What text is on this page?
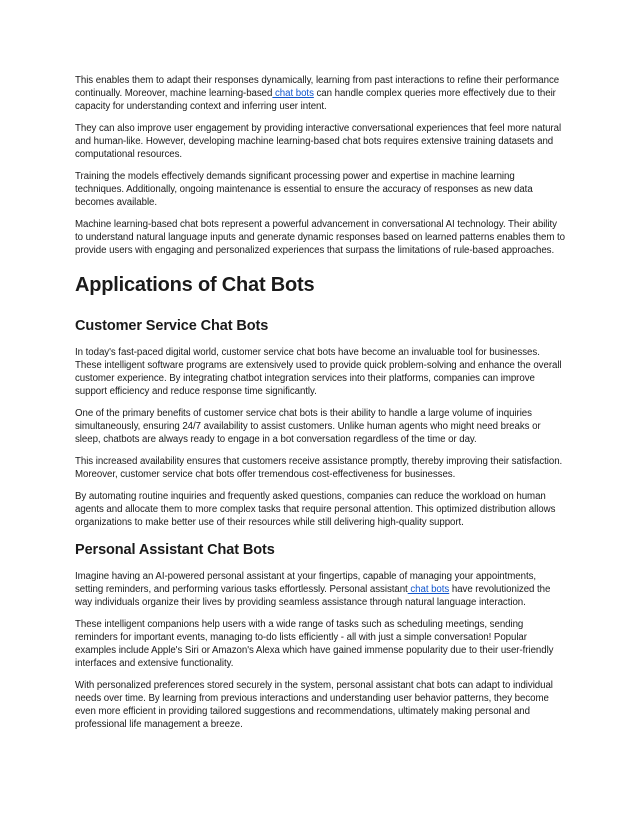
This enables them to adapt their responses dynamically, learning from past interactions to refine their performance continually. Moreover, machine learning-based chat bots can handle complex queries more effectively due to their capacity for understanding context and inferring user intent.

They can also improve user engagement by providing interactive conversational experiences that feel more natural and human-like. However, developing machine learning-based chat bots requires extensive training datasets and computational resources.

Training the models effectively demands significant processing power and expertise in machine learning techniques. Additionally, ongoing maintenance is essential to ensure the accuracy of responses as new data becomes available.

Machine learning-based chat bots represent a powerful advancement in conversational AI technology. Their ability to understand natural language inputs and generate dynamic responses based on learned patterns enables them to provide users with engaging and personalized experiences that surpass the limitations of rule-based approaches.

Applications of Chat Bots
Customer Service Chat Bots

In today's fast-paced digital world, customer service chat bots have become an invaluable tool for businesses. These intelligent software programs are extensively used to provide quick problem-solving and enhance the overall customer experience. By integrating chatbot integration services into their platforms, companies can improve support efficiency and reduce response time significantly.

One of the primary benefits of customer service chat bots is their ability to handle a large volume of inquiries simultaneously, ensuring 24/7 availability to assist customers. Unlike human agents who might need breaks or sleep, chatbots are always ready to engage in a bot conversation regardless of the time or day.

This increased availability ensures that customers receive assistance promptly, thereby improving their satisfaction. Moreover, customer service chat bots offer tremendous cost-effectiveness for businesses.

By automating routine inquiries and frequently asked questions, companies can reduce the workload on human agents and allocate them to more complex tasks that require personal attention. This optimized distribution allows organizations to make better use of their resources while still delivering high-quality support.

Personal Assistant Chat Bots

Imagine having an AI-powered personal assistant at your fingertips, capable of managing your appointments, setting reminders, and performing various tasks effortlessly. Personal assistant chat bots have revolutionized the way individuals organize their lives by providing seamless assistance through natural language interaction.

These intelligent companions help users with a wide range of tasks such as scheduling meetings, sending reminders for important events, managing to-do lists efficiently - all with just a simple conversation! Popular examples include Apple's Siri or Amazon's Alexa which have gained immense popularity due to their user-friendly interfaces and extensive functionality.

With personalized preferences stored securely in the system, personal assistant chat bots can adapt to individual needs over time. By learning from previous interactions and understanding user behavior patterns, they become even more efficient in providing tailored suggestions and recommendations, ultimately making personal and professional life management a breeze.
